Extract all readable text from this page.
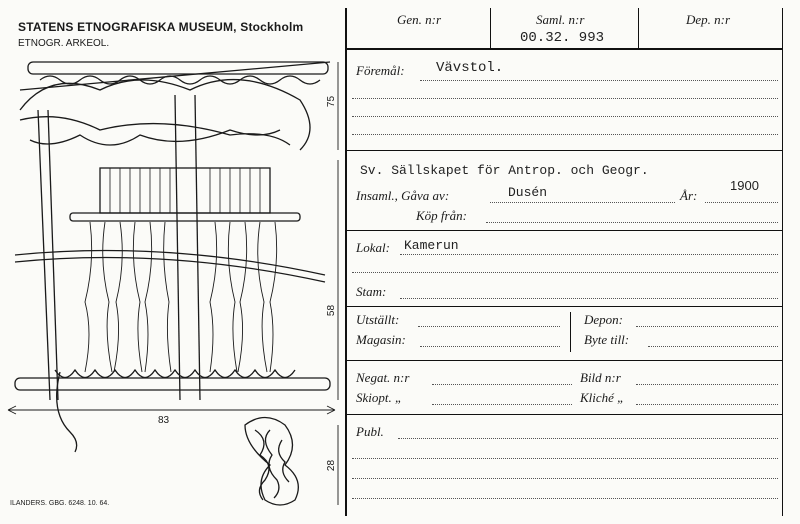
STATENS ETNOGRAFISKA MUSEUM, Stockholm
ETNOGR. ARKEOL.
75
58
83
28
ILANDERS. GBG. 6248. 10. 64.
Gen. n:r	Saml. n:r	Dep. n:r
00.32. 993
Föremål: Vävstol.
Sv. Sällskapet för Antrop. och Geogr.
Insaml., Gåva av:	Dusén	År:
1900
Köp från:
Lokal: Kamerun
Stam:
Utställt:	Depon:
Magasin:	Byte till:
Negat. n:r	Bild n:r
Skiopt. „	Kliché „
Publ.
